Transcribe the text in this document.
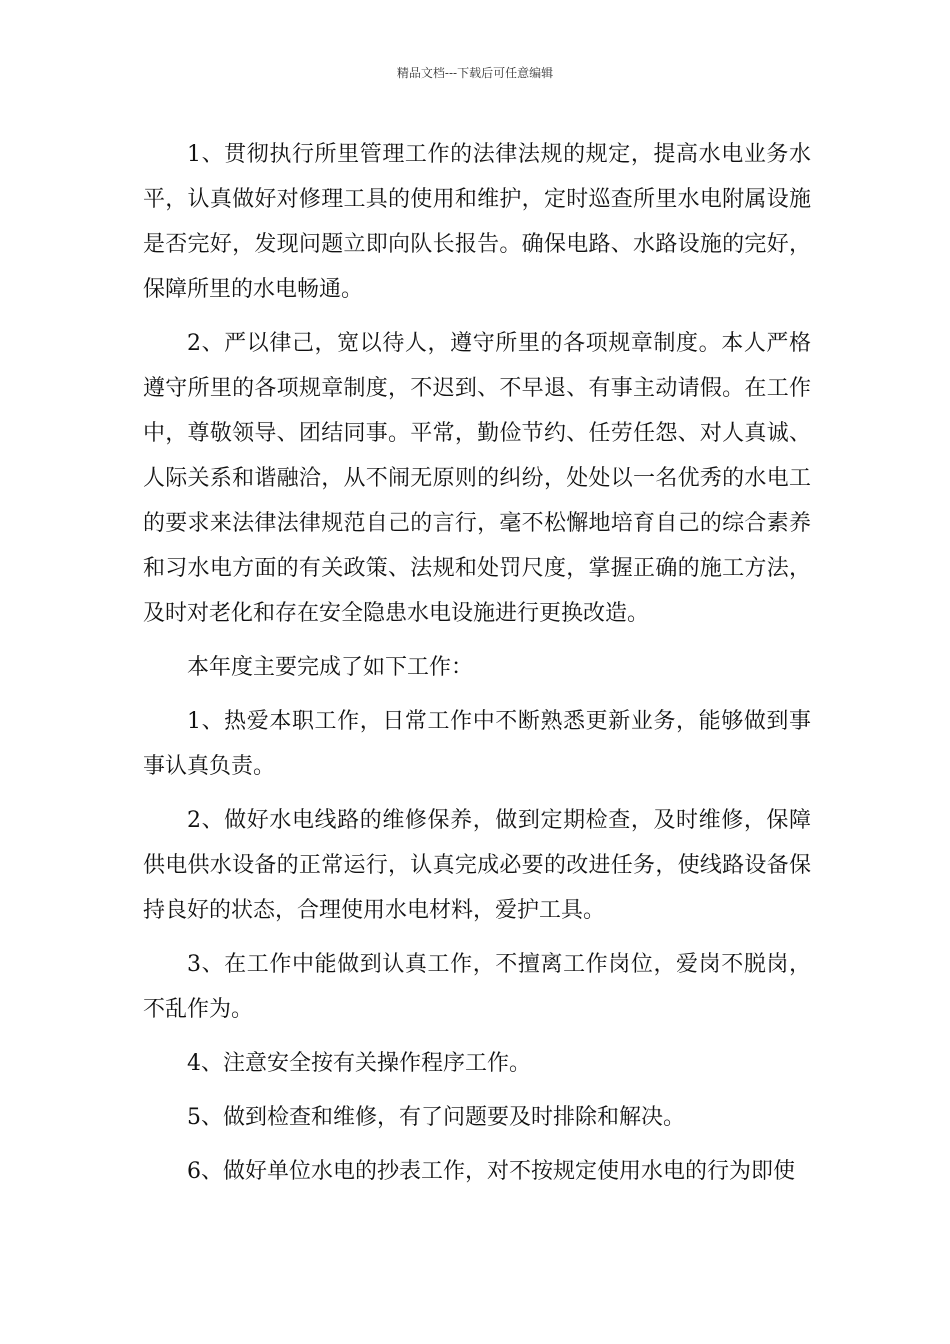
精品文档---下载后可任意编辑

1、贯彻执行所里管理工作的法律法规的规定，提高水电业务水平，认真做好对修理工具的使用和维护，定时巡查所里水电附属设施是否完好，发现问题立即向队长报告。确保电路、水路设施的完好，保障所里的水电畅通。

2、严以律己，宽以待人，遵守所里的各项规章制度。本人严格遵守所里的各项规章制度，不迟到、不早退、有事主动请假。在工作中，尊敬领导、团结同事。平常，勤俭节约、任劳任怨、对人真诚、人际关系和谐融洽，从不闹无原则的纠纷，处处以一名优秀的水电工的要求来法律法律规范自己的言行，毫不松懈地培育自己的综合素养和习水电方面的有关政策、法规和处罚尺度，掌握正确的施工方法，及时对老化和存在安全隐患水电设施进行更换改造。

本年度主要完成了如下工作：

1、热爱本职工作，日常工作中不断熟悉更新业务，能够做到事事认真负责。

2、做好水电线路的维修保养，做到定期检查，及时维修，保障供电供水设备的正常运行，认真完成必要的改进任务，使线路设备保持良好的状态，合理使用水电材料，爱护工具。

3、在工作中能做到认真工作，不擅离工作岗位，爱岗不脱岗，不乱作为。

4、注意安全按有关操作程序工作。

5、做到检查和维修，有了问题要及时排除和解决。

6、做好单位水电的抄表工作，对不按规定使用水电的行为即使
